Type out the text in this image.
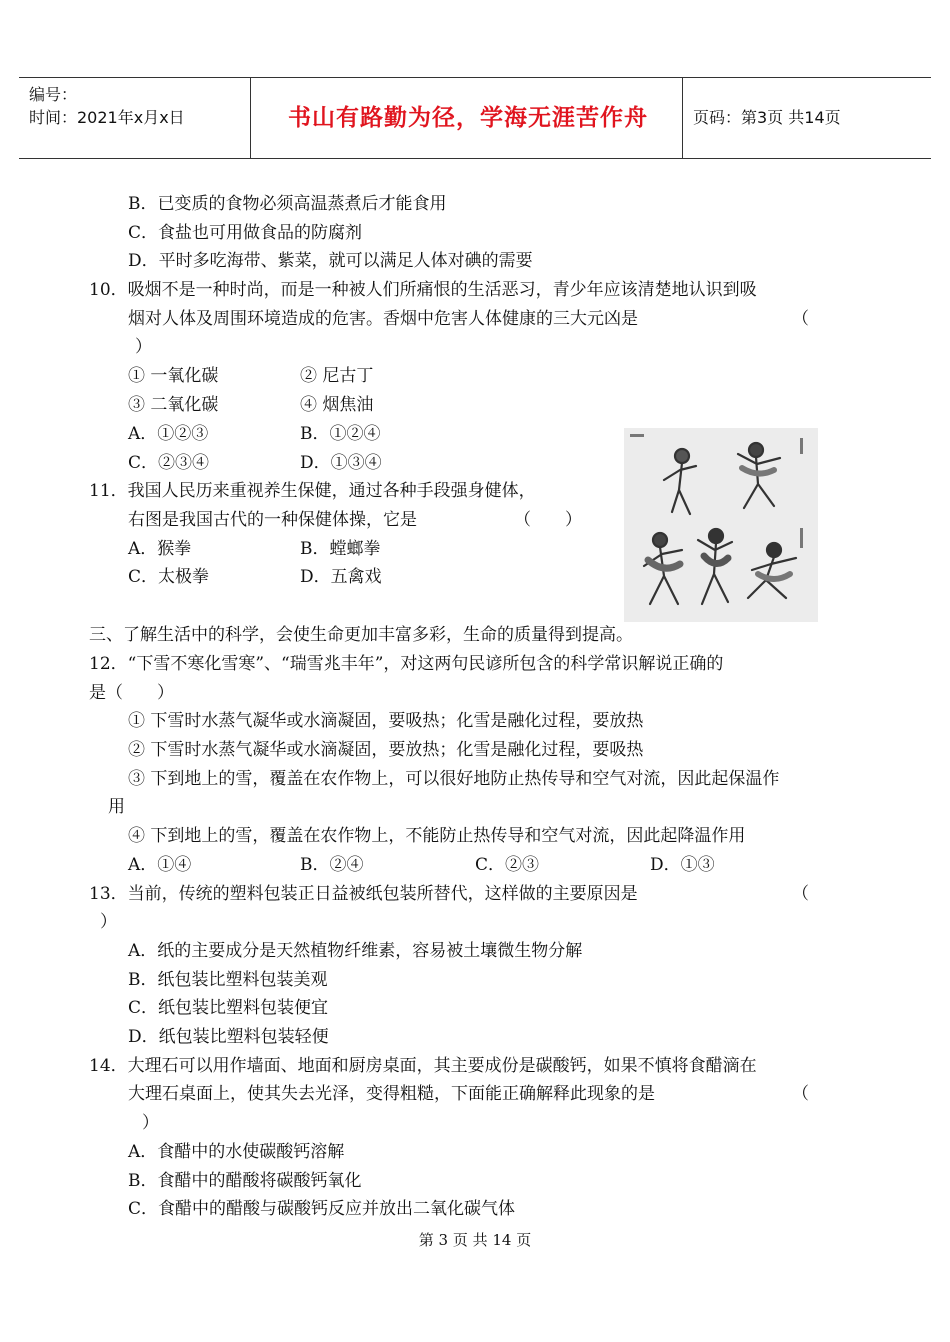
编号：
时间：2021年x月x日	书山有路勤为径，学海无涯苦作舟	页码：第3页 共14页
B．已变质的食物必须高温蒸煮后才能食用
C．食盐也可用做食品的防腐剂
D．平时多吃海带、紫菜，就可以满足人体对碘的需要
10．吸烟不是一种时尚，而是一种被人们所痛恨的生活恶习，青少年应该清楚地认识到吸
烟对人体及周围环境造成的危害。香烟中危害人体健康的三大元凶是	（
）
① 一氧化碳	② 尼古丁
③ 二氧化碳	④ 烟焦油
A．①②③	B．①②④
C．②③④	D．①③④
11．我国人民历来重视养生保健，通过各种手段强身健体，
右图是我国古代的一种保健体操，它是	（　　）
A．猴拳	B．螳螂拳
C．太极拳	D．五禽戏
三、了解生活中的科学，会使生命更加丰富多彩，生命的质量得到提高。
12．“下雪不寒化雪寒”、“瑞雪兆丰年”，对这两句民谚所包含的科学常识解说正确的
是（　　）
① 下雪时水蒸气凝华或水滴凝固，要吸热；化雪是融化过程，要放热
② 下雪时水蒸气凝华或水滴凝固，要放热；化雪是融化过程，要吸热
③ 下到地上的雪，覆盖在农作物上，可以很好地防止热传导和空气对流，因此起保温作
用
④ 下到地上的雪，覆盖在农作物上，不能防止热传导和空气对流，因此起降温作用
A．①④	B．②④	C．②③	D．①③
13．当前，传统的塑料包装正日益被纸包装所替代，这样做的主要原因是	（
）
A．纸的主要成分是天然植物纤维素，容易被土壤微生物分解
B．纸包装比塑料包装美观
C．纸包装比塑料包装便宜
D．纸包装比塑料包装轻便
14．大理石可以用作墙面、地面和厨房桌面，其主要成份是碳酸钙，如果不慎将食醋滴在
大理石桌面上，使其失去光泽，变得粗糙，下面能正确解释此现象的是	（
）
A．食醋中的水使碳酸钙溶解
B．食醋中的醋酸将碳酸钙氧化
C．食醋中的醋酸与碳酸钙反应并放出二氧化碳气体
第 3 页 共 14 页
